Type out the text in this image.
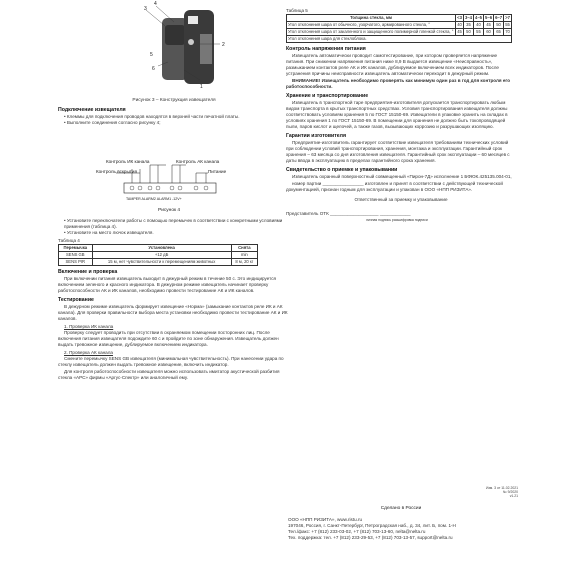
3
4
5
6
2
1
Рисунок 3 – Конструкция извещателя
Подключение извещателя
• Клеммы для подключения проводов находятся в верхней части печатной платы.
• Выполните соединения согласно рисунку 4;
Контроль ИК канала	Контроль АК канала
Контроль вскрытия	Питание
TAMPER ALARM2 ALARM1 -12V+
Рисунок 4
• Установите переключатели работы с помощью перемычек в соответствии с конкретными условиями применения (таблица 4).
• Установите на место лючок извещателя.
Таблица 4
Перемычка	Установлена	Снята
SENS GB	+12 дБ	min
SENS PIR	15 м, нет чувствительности к перемещениям животных	8 м, 20 кг
Включение и проверка

При включении питания извещатель выходит в дежурный режим в течение 50 с. Это индицируется включением зеленого и красного индикатора. В дежурном режиме извещатель начинает проверку работоспособности АК и ИК каналов, необходимо провести тестирование АК и ИК каналов.

Тестирование

В дежурном режиме извещатель формирует извещение «Норма» (замыкание контактов реле ИК и АК канала). Для проверки правильности выбора места установки необходимо провести тестирование АК и ИК каналов.

1. Проверка ИК канала

Проверку следует проводить при отсутствии в охраняемом помещении посторонних лиц. После включения питания извещателя подождите 60 с и пройдите по зоне обнаружения. Извещатель должен выдать тревожное извещение, дублируемое включением индикатора.

2. Проверка АК канала

Смените перемычку SENS GB извещателя (минимальная чувствительность). При нанесении удара по стеклу извещатель должен выдать тревожное извещение, включить индикатор.

Для контроля работоспособности извещателя можно использовать имитатор акустической разбития стекла «АРС» фирмы «Аргус-Спектр» или аналогичный ему.

Таблица 5
Толщина стекла, мм	<3	3–4	4–5	5–6	6–7	>7
Угол отклонения шара от обычного, узорчатого, армированного стекла, °	40	35	40	45	50	55
Угол отклонения шара от закаленного и защищенного полимерной пленкой стекла, °	45	50	55	60	65	70
Угол отклонения шара для стеклоблока.						
Контроль напряжения питания

Извещатель автоматически проводит самотестирование, при котором проверяется напряжение питания. При снижении напряжения питания ниже 8,9 В выдается извещение «Неисправность», размыканием контактов реле АК и ИК каналов, дублируемое включением всех индикаторов. После устранения причины неисправности извещатель автоматически переходит в дежурный режим.

ВНИМАНИЕ! Извещатель необходимо проверять как минимум один раз в год для контроля его работоспособности.

Хранение и транспортирование

Извещатель в транспортной таре предприятия-изготовителя допускается транспортировать любым видом транспорта в крытых транспортных средствах. Условия транспортирования извещателя должны соответствовать условиям хранения 5 по ГОСТ 15150-69. Извещатели в упаковке хранить на складах в условиях хранения 1 по ГОСТ 15150-69. В помещении для хранения не должно быть токопроводящей пыли, паров кислот и щелочей, а также газов, вызывающих коррозию и разрушающих изоляцию.

Гарантии изготовителя

Предприятие-изготовитель гарантирует соответствие извещателя требованиям технических условий при соблюдении условий транспортирования, хранения, монтажа и эксплуатации. Гарантийный срок хранения – 63 месяца со дня изготовления извещателя. Гарантийный срок эксплуатации – 60 месяцев с даты ввода в эксплуатацию в пределах гарантийного срока хранения.

Свидетельство о приемке и упаковывании

Извещатель охранный поверхностный совмещенный «Пирон-7Д» исполнение 1 БФЮК.425135.004-01,

номер партии ________________ изготовлен и принят в соответствии с действующей технической документацией, признан годным для эксплуатации и упакован в ООО «НПП РИЗИТА».

Ответственный за приемку и упаковывание
Представитель ОТК ___________________ ____________
личная подпись расшифровка подписи
Изм. 3 от 11.02.2021
№ 9/2020
v1.21
Сделано в России
ООО «НПП РИЗИТА», www.ristu.ru
197046, Россия, г. Санкт-Петербург, Петроградская наб., д. 34, лит. Б, пом. 1-Н
Тел./факс: +7 (812) 233-03-02, +7 (812) 703-13-60, nelta@nelta.ru
Тех. поддержка: тел. +7 (812) 233-29-53, +7 (812) 703-13-57, support@nelta.ru
